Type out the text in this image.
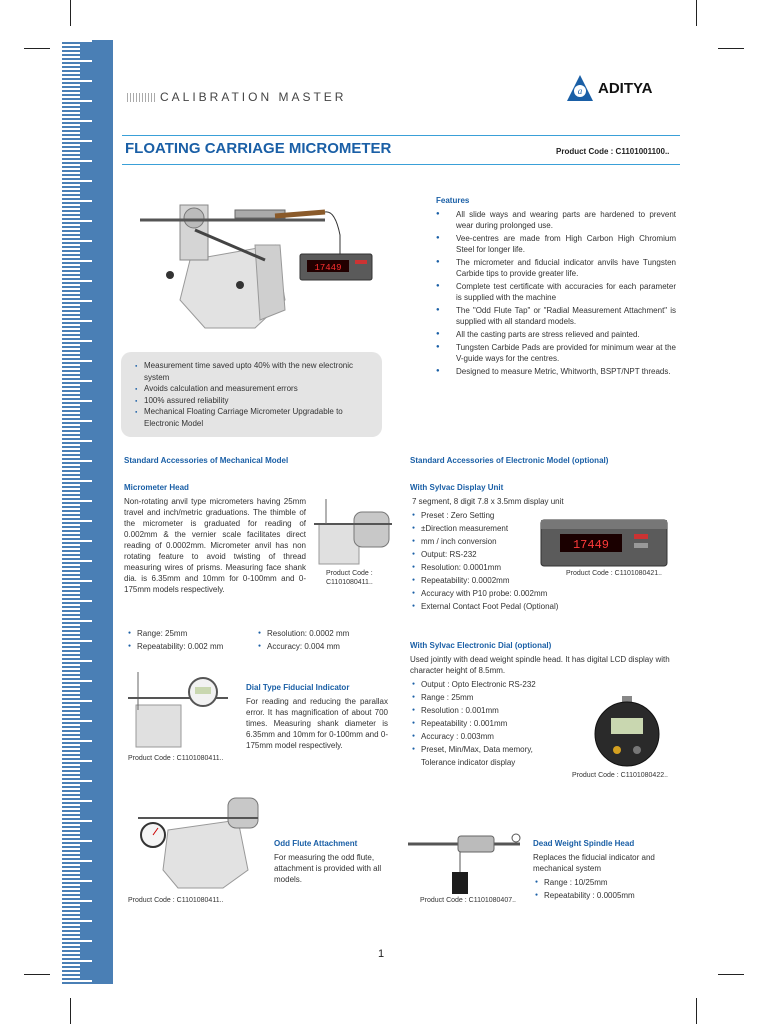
CALIBRATION MASTER	a ADITYA
FLOATING CARRIAGE MICROMETER	Product Code : C1101001100..
17449
● Measurement time saved upto 40% with the new electronic system
● Avoids calculation and measurement errors
● 100% assured reliability
● Mechanical Floating Carriage Micrometer Upgradable to Electronic Model
Features
● All slide ways and wearing parts are hardened to prevent wear during prolonged use.
● Vee-centres are made from High Carbon High Chromium Steel for longer life.
● The micrometer and fiducial indicator anvils have Tungsten Carbide tips to provide greater life.
● Complete test certificate with accuracies for each parameter is supplied with the machine
● The "Odd Flute Tap" or "Radial Measurement Attachment" is supplied with all standard models.
● All the casting parts are stress relieved and painted.
● Tungsten Carbide Pads are provided for minimum wear at the V-guide ways for the centres.
● Designed to measure Metric, Whitworth, BSPT/NPT threads.
Standard Accessories of Mechanical Model	Standard Accessories of Electronic Model (optional)
Micrometer Head
Non-rotating anvil type micrometers having 25mm travel and inch/metric graduations. The thimble of the micrometer is graduated for reading of 0.002mm & the vernier scale facilitates direct reading of 0.0002mm. Micrometer anvil has non rotating feature to avoid twisting of thread measuring wires of prisms. Measuring face shank dia. is 6.35mm and 10mm for 0-100mm and 0-175mm models respectively.
Product Code : C1101080411..
● Range: 25mm
● Repeatability: 0.002 mm
● Resolution: 0.0002 mm
● Accuracy: 0.004 mm
Dial Type Fiducial Indicator
For reading and reducing the parallax error. It has magnification of about 700 times. Measuring shank diameter is 6.35mm and 10mm for 0-100mm and 0-175mm model respectively.
Product Code : C1101080411..
Odd Flute Attachment
For measuring the odd flute, attachment is provided with all models.
Product Code : C1101080411..
With Sylvac Display Unit
7 segment, 8 digit 7.8 x 3.5mm display unit
● Preset : Zero Setting
● ±Direction measurement
● mm / inch conversion
● Output: RS-232
● Resolution: 0.0001mm
● Repeatability: 0.0002mm
● Accuracy with P10 probe: 0.002mm
● External Contact Foot Pedal (Optional)
17449
Product Code : C1101080421..
With Sylvac Electronic Dial (optional)
Used jointly with dead weight spindle head. It has digital LCD display with character height of 8.5mm.
● Output : Opto Electronic RS-232
● Range : 25mm
● Resolution : 0.001mm
● Repeatability : 0.001mm
● Accuracy : 0.003mm
● Preset, Min/Max, Data memory, Tolerance indicator display
Product Code : C1101080422..
Dead Weight Spindle Head
Replaces the fiducial indicator and mechanical system
● Range : 10/25mm
● Repeatability : 0.0005mm
Product Code : C1101080407..
1
